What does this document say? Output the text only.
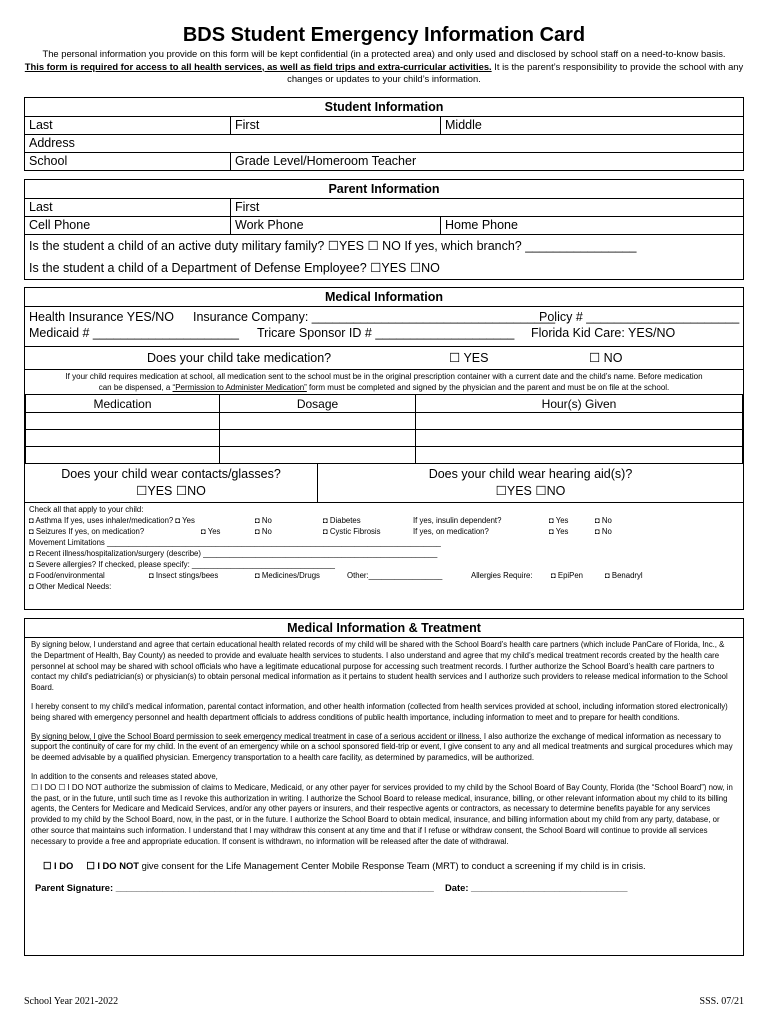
BDS Student Emergency Information Card
The personal information you provide on this form will be kept confidential (in a protected area) and only used and disclosed by school staff on a need-to-know basis.
This form is required for access to all health services, as well as field trips and extra-curricular activities. It is the parent’s responsibility to provide the school with any changes or updates to your child’s information.
Student Information
Last	First	Middle
Address
School	Grade Level/Homeroom Teacher
Parent Information
Last	First
Cell Phone	Work Phone	Home Phone
Is the student a child of an active duty military family? ☐YES ☐ NO If yes, which branch? ________________
Is the student a child of a Department of Defense Employee? ☐YES ☐NO
Medical Information
Health Insurance YES/NO Insurance Company: ___________________________________
Policy # ______________________
Medicaid # _____________________ Tricare Sponsor ID # ____________________ Florida Kid Care: YES/NO
Does your child take medication?	☐ YES	☐ NO
If your child requires medication at school, all medication sent to the school must be in the original prescription container with a current date and the child’s name. Before medication
can be dispensed, a “Permission to Administer Medication” form must be completed and signed by the physician and the parent and must be on file at the school.
Medication	Dosage	Hour(s) Given

Does your child wear contacts/glasses?
☐YES ☐NO
Does your child wear hearing aid(s)?
☐YES ☐NO
Check all that apply to your child:
◘ Asthma If yes, uses inhaler/medication? ◘ Yes	◘ No	◘ Diabetes	If yes, insulin dependent?	◘ Yes	◘ No
◘ Seizures If yes, on medication?	◘ Yes	◘ No	◘ Cystic Fibrosis	If yes, on medication?	◘ Yes	◘ No
Movement Limitations _____________________________________________________________________________
◘ Recent illness/hospitalization/surgery (describe) ______________________________________________________
◘ Severe allergies? If checked, please specify: _________________________________
◘ Food/environmental	◘ Insect stings/bees	◘ Medicines/Drugs	Other:_________________	Allergies Require: ◘ EpiPen	◘ Benadryl
◘ Other Medical Needs:
Medical Information & Treatment

By signing below, I understand and agree that certain educational health related records of my child will be shared with the School Board’s health care partners (which include PanCare of Florida, Inc., & the Department of Health, Bay County) as needed to provide and evaluate health services to students. I also understand and agree that my child’s medical treatment records created by the health care personnel at school may be shared with school officials who have a legitimate educational purpose for accessing such treatment records. I further authorize the School Board’s health care partners to contact my child’s pediatrician(s) or physician(s) to obtain personal medical information as it pertains to student health services and I authorize such providers to release medical information to the School Board.

I hereby consent to my child’s medical information, parental contact information, and other health information (collected from health services provided at school, including information stored electronically) being shared with emergency personnel and health department officials to address conditions of public health importance, including information to meet and to prepare for health conditions.

By signing below, I give the School Board permission to seek emergency medical treatment in case of a serious accident or illness. I also authorize the exchange of medical information as necessary to support the continuity of care for my child. In the event of an emergency while on a school sponsored field-trip or event, I give consent to any and all medical treatments and surgical procedures which may be deemed advisable by a qualified physician. Emergency transportation to a health care facility, as determined by paramedics, will be authorized.

In addition to the consents and releases stated above,

☐ I DO ☐ I DO NOT authorize the submission of claims to Medicare, Medicaid, or any other payer for services provided to my child by the School Board of Bay County, Florida (the “School Board”) now, in the past, or in the future, until such time as I revoke this authorization in writing. I authorize the School Board to release medical, insurance, billing, or other relevant information about my child to its billing agents, the Centers for Medicare and Medicaid Services, and/or any other payers or insurers, and their respective agents or contractors, as necessary to determine benefits payable for any services provided to my child by the School Board, now, in the past, or in the future. I authorize the School Board to obtain medical, insurance, and billing information about my child from any party, database, or other source that maintains such information. I understand that I may withdraw this consent at any time and that if I refuse or withdraw consent, the School Board will continue to provide all services necessary to provide a free and appropriate education. If consent is withdrawn, no information will be released after the date of withdrawal.

☐ I DO ☐ I DO NOT give consent for the Life Management Center Mobile Response Team (MRT) to conduct a screening if my child is in crisis.
Parent Signature: _____________________________________________________________ Date: ______________________________
School Year 2021-2022	SSS. 07/21
